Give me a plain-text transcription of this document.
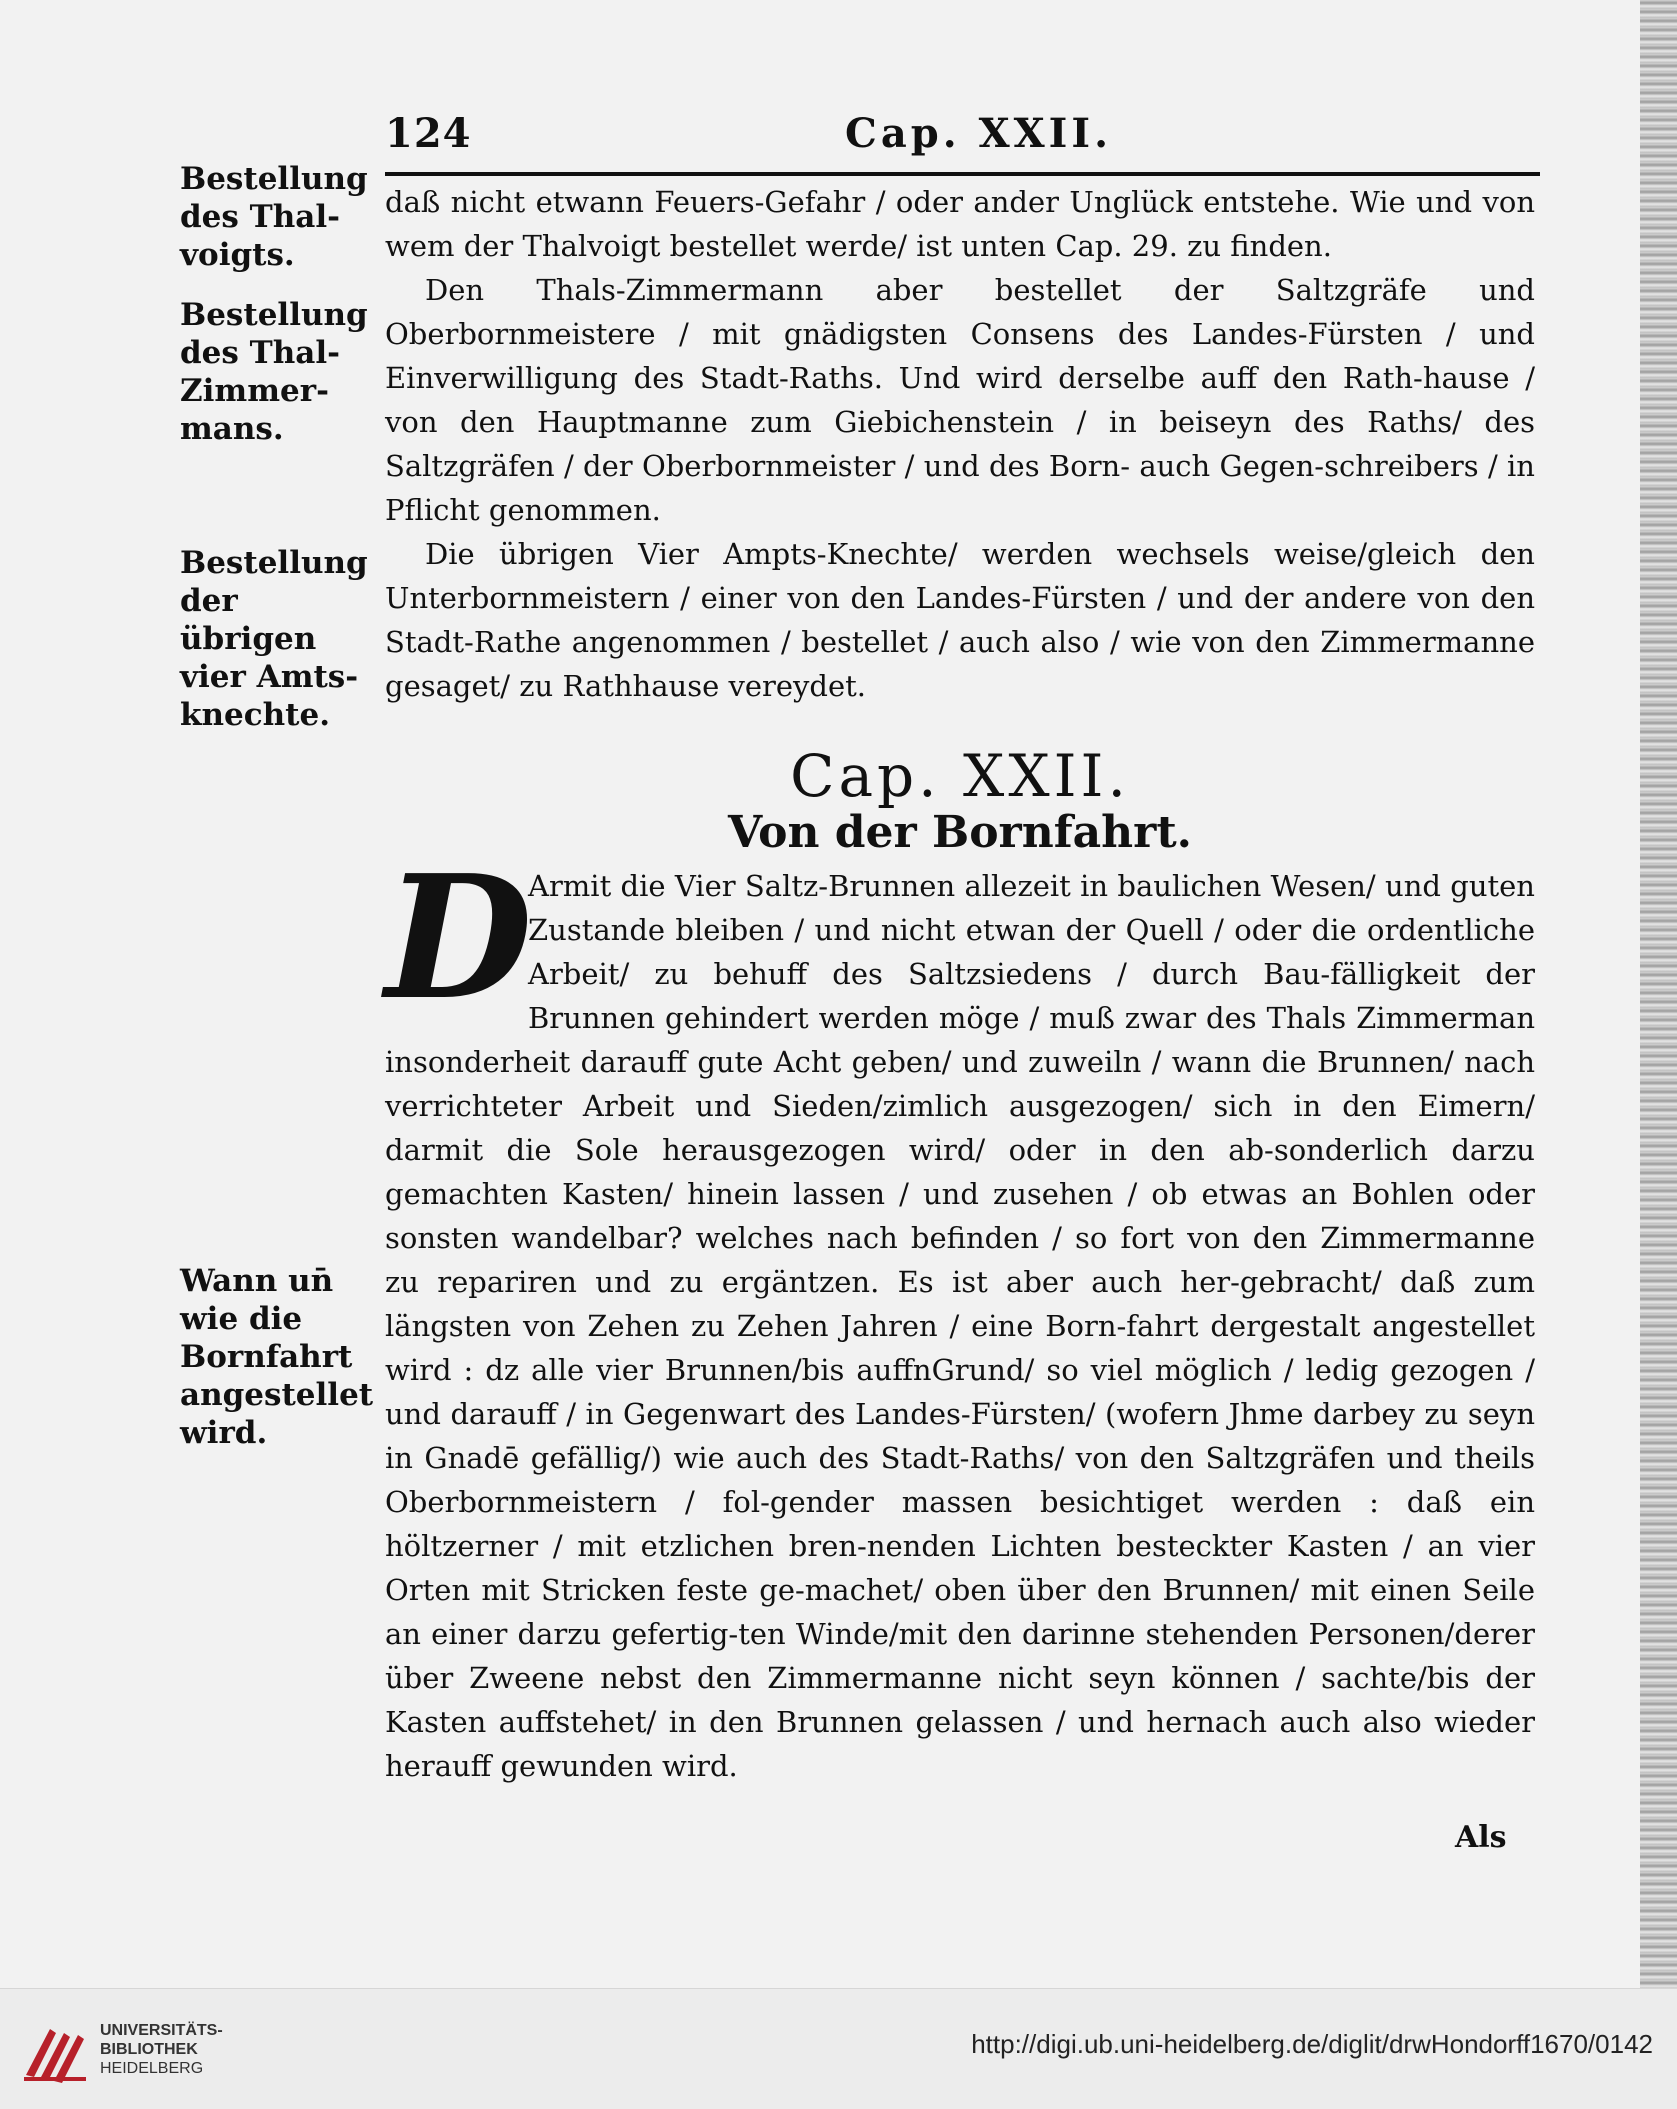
124	Cap. XXII.
Bestellung des Thal-voigts.
Bestellung des Thal-Zimmer-mans.
Bestellung der übrigen vier Amts-knechte.
Wann un̄ wie die Bornfahrt angestellet wird.

daß nicht etwann Feuers-Gefahr / oder ander Unglück entstehe. Wie und von wem der Thalvoigt bestellet werde/ ist unten Cap. 29. zu finden.

Den Thals-Zimmermann aber bestellet der Saltzgräfe und Oberbornmeistere / mit gnädigsten Consens des Landes-Fürsten / und Einverwilligung des Stadt-Raths. Und wird derselbe auff den Rath-hause / von den Hauptmanne zum Giebichenstein / in beiseyn des Raths/ des Saltzgräfen / der Oberbornmeister / und des Born- auch Gegen-schreibers / in Pflicht genommen.

Die übrigen Vier Ampts-Knechte/ werden wechsels weise/gleich den Unterbornmeistern / einer von den Landes-Fürsten / und der andere von den Stadt-Rathe angenommen / bestellet / auch also / wie von den Zimmermanne gesaget/ zu Rathhause vereydet.

Cap. XXII.
Von der Bornfahrt.
D

Armit die Vier Saltz-Brunnen allezeit in baulichen Wesen/ und guten Zustande bleiben / und nicht etwan der Quell / oder die ordentliche Arbeit/ zu behuff des Saltzsiedens / durch Bau-fälligkeit der Brunnen gehindert werden möge / muß zwar des Thals Zimmerman insonderheit darauff gute Acht geben/ und zuweiln / wann die Brunnen/ nach verrichteter Arbeit und Sieden/zimlich ausgezogen/ sich in den Eimern/ darmit die Sole herausgezogen wird/ oder in den ab-sonderlich darzu gemachten Kasten/ hinein lassen / und zusehen / ob etwas an Bohlen oder sonsten wandelbar? welches nach befinden / so fort von den Zimmermanne zu repariren und zu ergäntzen. Es ist aber auch her-gebracht/ daß zum längsten von Zehen zu Zehen Jahren / eine Born-fahrt dergestalt angestellet wird : dz alle vier Brunnen/bis auffnGrund/ so viel möglich / ledig gezogen / und darauff / in Gegenwart des Landes-Fürsten/ (wofern Jhme darbey zu seyn in Gnadē gefällig/) wie auch des Stadt-Raths/ von den Saltzgräfen und theils Oberbornmeistern / fol-gender massen besichtiget werden : daß ein höltzerner / mit etzlichen bren-nenden Lichten besteckter Kasten / an vier Orten mit Stricken feste ge-machet/ oben über den Brunnen/ mit einen Seile an einer darzu gefertig-ten Winde/mit den darinne stehenden Personen/derer über Zweene nebst den Zimmermanne nicht seyn können / sachte/bis der Kasten auffstehet/ in den Brunnen gelassen / und hernach auch also wieder herauff gewunden wird.

Als
UNIVERSITÄTS-
BIBLIOTHEK
HEIDELBERG
http://digi.ub.uni-heidelberg.de/diglit/drwHondorff1670/0142
